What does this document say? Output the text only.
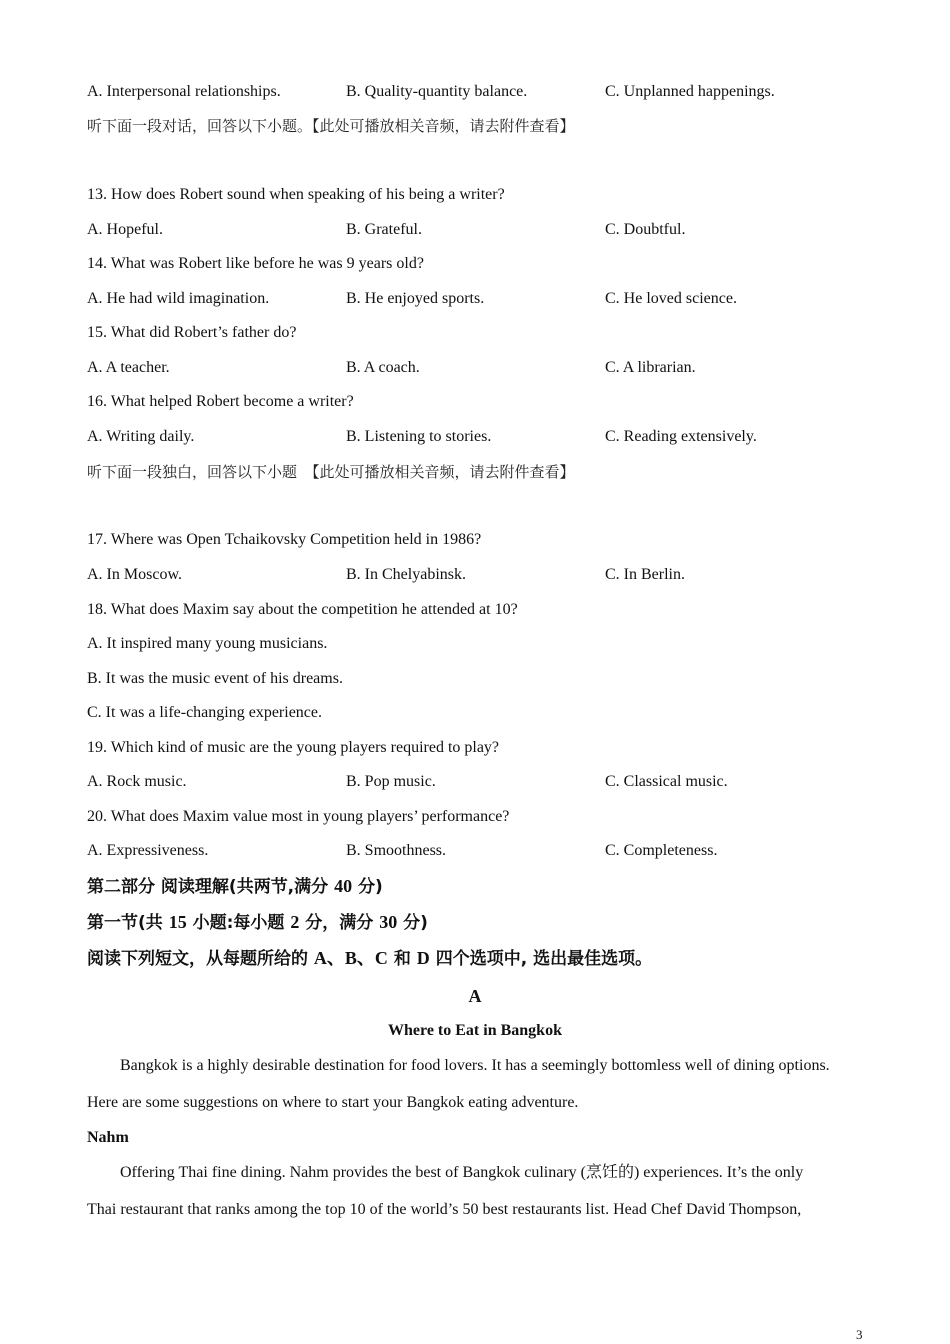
A. Interpersonal relationships.	B. Quality-quantity balance.	C. Unplanned happenings.
听下面一段对话，回答以下小题。【此处可播放相关音频，请去附件查看】
13. How does Robert sound when speaking of his being a writer?
A. Hopeful.	B. Grateful.	C. Doubtful.
14. What was Robert like before he was 9 years old?
A. He had wild imagination.	B. He enjoyed sports.	C. He loved science.
15. What did Robert’s father do?
A. A teacher.	B. A coach.	C. A librarian.
16. What helped Robert become a writer?
A. Writing daily.	B. Listening to stories.	C. Reading extensively.
听下面一段独白，回答以下小题　【此处可播放相关音频，请去附件查看】
17. Where was Open Tchaikovsky Competition held in 1986?
A. In Moscow.	B. In Chelyabinsk.	C. In Berlin.
18. What does Maxim say about the competition he attended at 10?
A. It inspired many young musicians.
B. It was the music event of his dreams.
C. It was a life-changing experience.
19. Which kind of music are the young players required to play?
A. Rock music.	B. Pop music.	C. Classical music.
20. What does Maxim value most in young players’ performance?
A. Expressiveness.	B. Smoothness.	C. Completeness.
第二部分 阅读理解(共两节,满分 40 分)
第一节(共 15 小题:每小题 2 分，满分 30 分)
阅读下列短文，从每题所给的 A、B、C 和 D 四个选项中, 选出最佳选项。
A
Where to Eat in Bangkok
Bangkok is a highly desirable destination for food lovers. It has a seemingly bottomless well of dining options.
Here are some suggestions on where to start your Bangkok eating adventure.
Nahm
Offering Thai fine dining. Nahm provides the best of Bangkok culinary (烹饪的) experiences. It’s the only
Thai restaurant that ranks among the top 10 of the world’s 50 best restaurants list. Head Chef David Thompson,
3
